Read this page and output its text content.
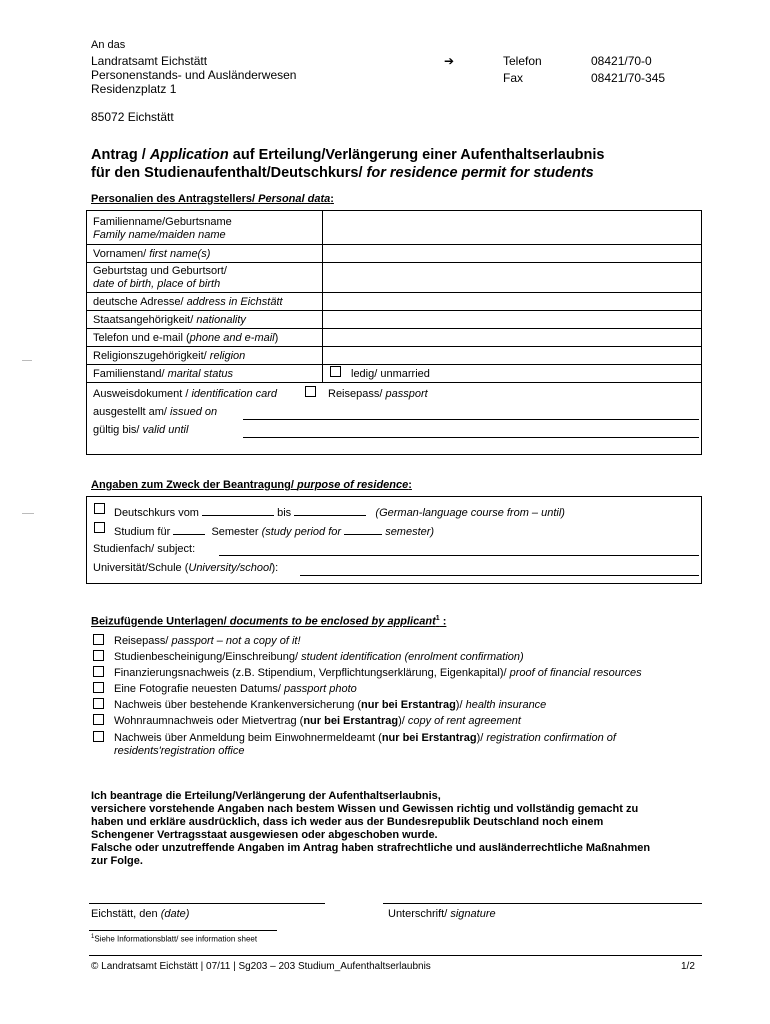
An das
Landratsamt Eichstätt
Personenstands- und Ausländerwesen
Residenzplatz 1
85072 Eichstätt
➔	Telefon	08421/70-0
Fax	08421/70-345
Antrag / Application auf Erteilung/Verlängerung einer Aufenthaltserlaubnis
für den Studienaufenthalt/Deutschkurs/ for residence permit for students
Personalien des Antragstellers/ Personal data:
Familienname/Geburtsname
Family name/maiden name
Vornamen/ first name(s)
Geburtstag und Geburtsort/
date of birth, place of birth
deutsche Adresse/ address in Eichstätt
Staatsangehörigkeit/ nationality
Telefon und e-mail (phone and e-mail)
Religionszugehörigkeit/ religion
Familienstand/ marital status	ledig/ unmarried
Ausweisdokument / identification card	Reisepass/ passport
ausgestellt am/ issued on
gültig bis/ valid until
Angaben zum Zweck der Beantragung/ purpose of residence:
Deutschkurs vom	bis	(German-language course from – until)
Studium für	Semester (study period for	semester)
Studienfach/ subject:
Universität/Schule (University/school):
Beizufügende Unterlagen/ documents to be enclosed by applicant$^1$ :
Reisepass/ passport – not a copy of it!
Studienbescheinigung/Einschreibung/ student identification (enrolment confirmation)
Finanzierungsnachweis (z.B. Stipendium, Verpflichtungserklärung, Eigenkapital)/ proof of financial resources
Eine Fotografie neuesten Datums/ passport photo
Nachweis über bestehende Krankenversicherung (nur bei Erstantrag)/ health insurance
Wohnraumnachweis oder Mietvertrag (nur bei Erstantrag)/ copy of rent agreement
Nachweis über Anmeldung beim Einwohnermeldeamt (nur bei Erstantrag)/ registration confirmation of
residents'registration office
Ich beantrage die Erteilung/Verlängerung der Aufenthaltserlaubnis,
versichere vorstehende Angaben nach bestem Wissen und Gewissen richtig und vollständig gemacht zu
haben und erkläre ausdrücklich, dass ich weder aus der Bundesrepublik Deutschland noch einem
Schengener Vertragsstaat ausgewiesen oder abgeschoben wurde.
Falsche oder unzutreffende Angaben im Antrag haben strafrechtliche und ausländerrechtliche Maßnahmen
zur Folge.
Eichstätt, den (date)	Unterschrift/ signature
$^1$Siehe Informationsblatt/ see information sheet
© Landratsamt Eichstätt | 07/11 | Sg203 – 203 Studium_Aufenthaltserlaubnis	1/2
